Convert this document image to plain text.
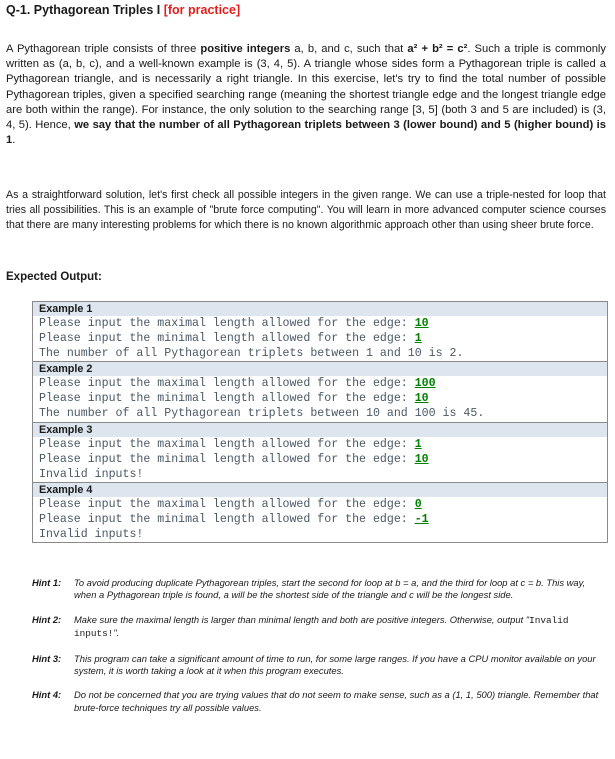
Q-1. Pythagorean Triples I [for practice]
A Pythagorean triple consists of three positive integers a, b, and c, such that a² + b² = c². Such a triple is commonly written as (a, b, c), and a well-known example is (3, 4, 5). A triangle whose sides form a Pythagorean triple is called a Pythagorean triangle, and is necessarily a right triangle. In this exercise, let's try to find the total number of possible Pythagorean triples, given a specified searching range (meaning the shortest triangle edge and the longest triangle edge are both within the range). For instance, the only solution to the searching range [3, 5] (both 3 and 5 are included) is (3, 4, 5). Hence, we say that the number of all Pythagorean triplets between 3 (lower bound) and 5 (higher bound) is 1.
As a straightforward solution, let's first check all possible integers in the given range. We can use a triple-nested for loop that tries all possibilities. This is an example of "brute force computing". You will learn in more advanced computer science courses that there are many interesting problems for which there is no known algorithmic approach other than using sheer brute force.
Expected Output:
Example 1
Please input the maximal length allowed for the edge: 10
Please input the minimal length allowed for the edge: 1
The number of all Pythagorean triplets between 1 and 10 is 2.
Example 2
Please input the maximal length allowed for the edge: 100
Please input the minimal length allowed for the edge: 10
The number of all Pythagorean triplets between 10 and 100 is 45.
Example 3
Please input the maximal length allowed for the edge: 1
Please input the minimal length allowed for the edge: 10
Invalid inputs!
Example 4
Please input the maximal length allowed for the edge: 0
Please input the minimal length allowed for the edge: -1
Invalid inputs!
Hint 1: To avoid producing duplicate Pythagorean triples, start the second for loop at b = a, and the third for loop at c = b. This way, when a Pythagorean triple is found, a will be the shortest side of the triangle and c will be the longest side.
Hint 2: Make sure the maximal length is larger than minimal length and both are positive integers. Otherwise, output "Invalid inputs!".
Hint 3: This program can take a significant amount of time to run, for some large ranges. If you have a CPU monitor available on your system, it is worth taking a look at it when this program executes.
Hint 4: Do not be concerned that you are trying values that do not seem to make sense, such as a (1, 1, 500) triangle. Remember that brute-force techniques try all possible values.
